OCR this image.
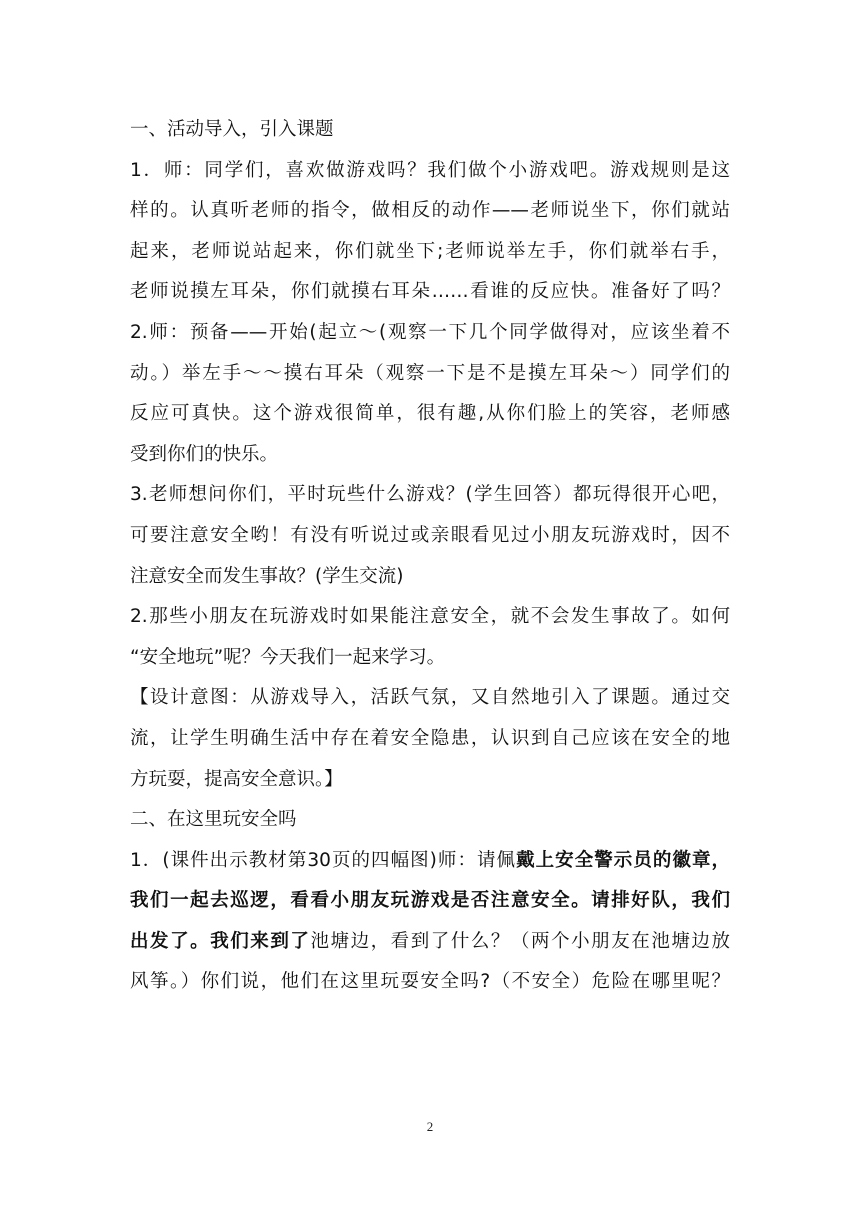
一、活动导入，引入课题
1．师：同学们，喜欢做游戏吗？我们做个小游戏吧。游戏规则是这
样的。认真听老师的指令，做相反的动作——老师说坐下，你们就站
起来，老师说站起来，你们就坐下;老师说举左手，你们就举右手，
老师说摸左耳朵，你们就摸右耳朵……看谁的反应快。准备好了吗？
2.师：预备——开始(起立～(观察一下几个同学做得对，应该坐着不
动。）举左手～～摸右耳朵（观察一下是不是摸左耳朵～）同学们的
反应可真快。这个游戏很简单，很有趣,从你们脸上的笑容，老师感
受到你们的快乐。
3.老师想问你们，平时玩些什么游戏？(学生回答）都玩得很开心吧，
可要注意安全哟！有没有听说过或亲眼看见过小朋友玩游戏时，因不
注意安全而发生事故？(学生交流)
2.那些小朋友在玩游戏时如果能注意安全，就不会发生事故了。如何
“安全地玩”呢？今天我们一起来学习。
【设计意图：从游戏导入，活跃气氛，又自然地引入了课题。通过交
流，让学生明确生活中存在着安全隐患，认识到自己应该在安全的地
方玩耍，提高安全意识。】
二、在这里玩安全吗
1．(课件出示教材第30页的四幅图)师：请佩戴上安全警示员的徽章，
我们一起去巡逻，看看小朋友玩游戏是否注意安全。请排好队，我们
出发了。我们来到了池塘边，看到了什么？（两个小朋友在池塘边放
风筝。）你们说，他们在这里玩耍安全吗?（不安全）危险在哪里呢？
2
